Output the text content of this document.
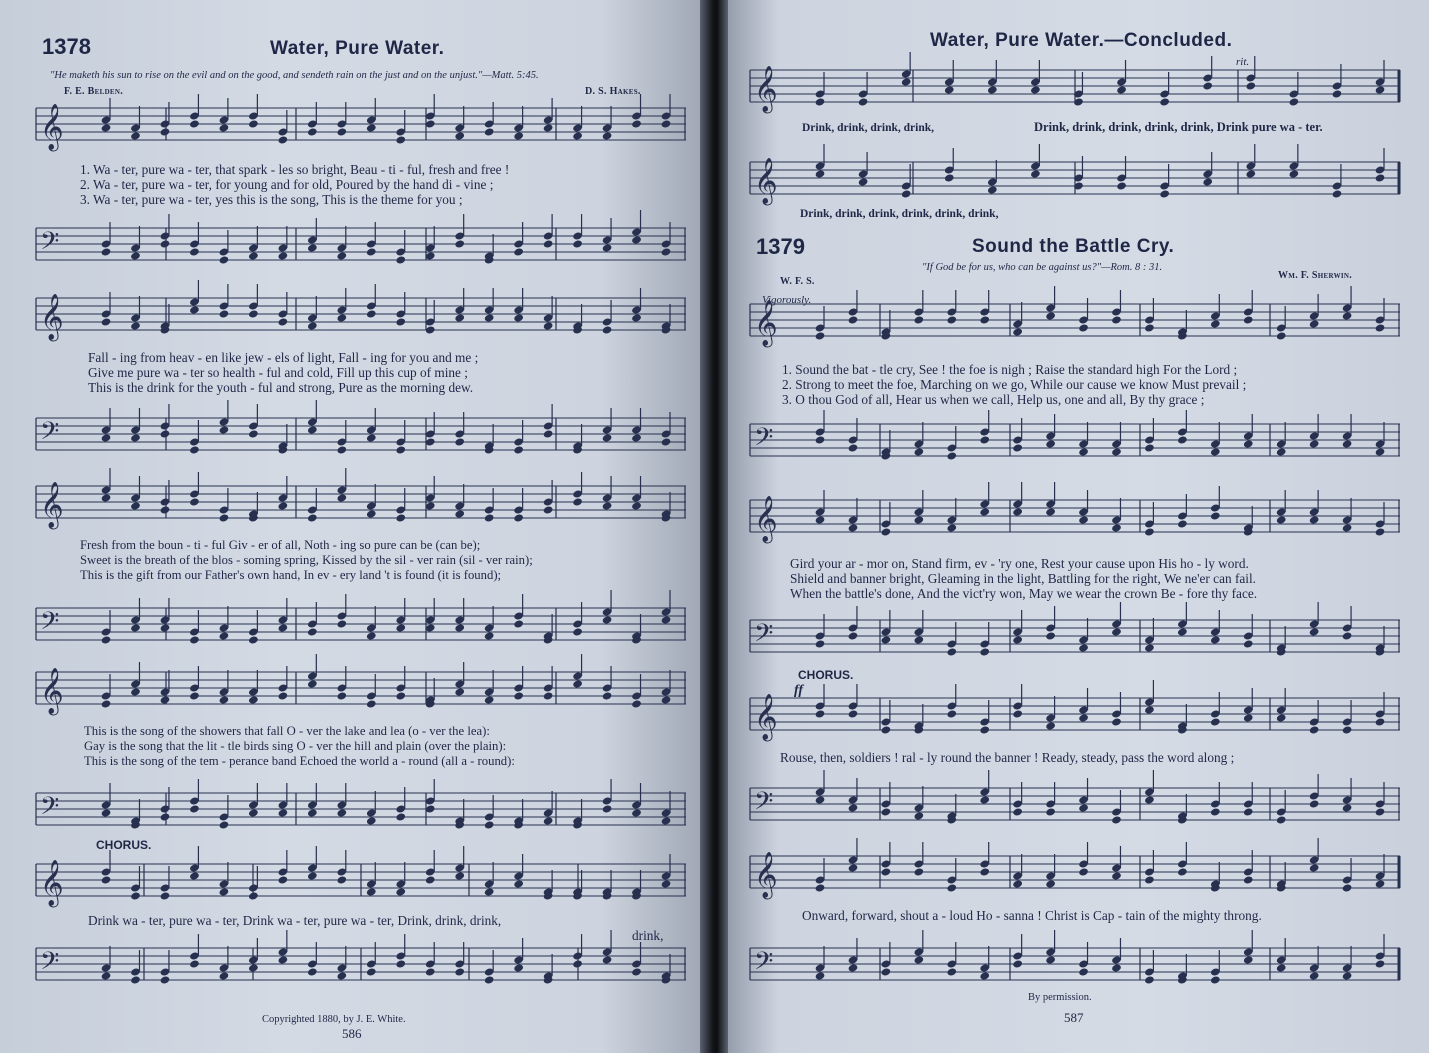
1378	Water, Pure Water.
"He maketh his sun to rise on the evil and on the good, and sendeth rain on the just and on the unjust."—Matt. 5:45.
F. E. Belden.	D. S. Hakes.
𝄞
𝄢
𝄞
𝄢
𝄞
𝄢
𝄞
𝄢
𝄞
𝄢
1. Wa - ter, pure wa - ter, that spark - les so bright, Beau - ti - ful, fresh and free !
2. Wa - ter, pure wa - ter, for young and for old, Poured by the hand di - vine ;
3. Wa - ter, pure wa - ter, yes this is the song, This is the theme for you ;
Fall - ing from heav - en like jew - els of light, Fall - ing for you and me ;
Give me pure wa - ter so health - ful and cold, Fill up this cup of mine ;
This is the drink for the youth - ful and strong, Pure as the morning dew.
Fresh from the boun - ti - ful Giv - er of all, Noth - ing so pure can be (can be);
Sweet is the breath of the blos - soming spring, Kissed by the sil - ver rain (sil - ver rain);
This is the gift from our Father's own hand, In ev - ery land 't is found (it is found);
This is the song of the showers that fall O - ver the lake and lea (o - ver the lea):
Gay is the song that the lit - tle birds sing O - ver the hill and plain (over the plain):
This is the song of the tem - perance band Echoed the world a - round (all a - round):
CHORUS.
Drink wa - ter, pure wa - ter, Drink wa - ter, pure wa - ter, Drink, drink, drink,
drink,
Copyrighted 1880, by J. E. White.
586
Water, Pure Water.—Concluded.
rit.
Drink, drink, drink, drink,	Drink, drink, drink, drink, drink, Drink pure wa - ter.
Drink, drink, drink, drink, drink, drink,
1379	Sound the Battle Cry.
"If God be for us, who can be against us?"—Rom. 8 : 31.
W. F. S.
Wm. F. Sherwin.
Vigorously.
𝄞
𝄞
𝄞
𝄢
𝄞
𝄢
𝄞
𝄢
𝄞
𝄢
1. Sound the bat - tle cry, See ! the foe is nigh ; Raise the standard high For the Lord ;
2. Strong to meet the foe, Marching on we go, While our cause we know Must prevail ;
3. O thou God of all, Hear us when we call, Help us, one and all, By thy grace ;
Gird your ar - mor on, Stand firm, ev - 'ry one, Rest your cause upon His ho - ly word.
Shield and banner bright, Gleaming in the light, Battling for the right, We ne'er can fail.
When the battle's done, And the vict'ry won, May we wear the crown Be - fore thy face.
CHORUS.
ff
Rouse, then, soldiers ! ral - ly round the banner ! Ready, steady, pass the word along ;
Onward, forward, shout a - loud Ho - sanna ! Christ is Cap - tain of the mighty throng.
By permission.
587
